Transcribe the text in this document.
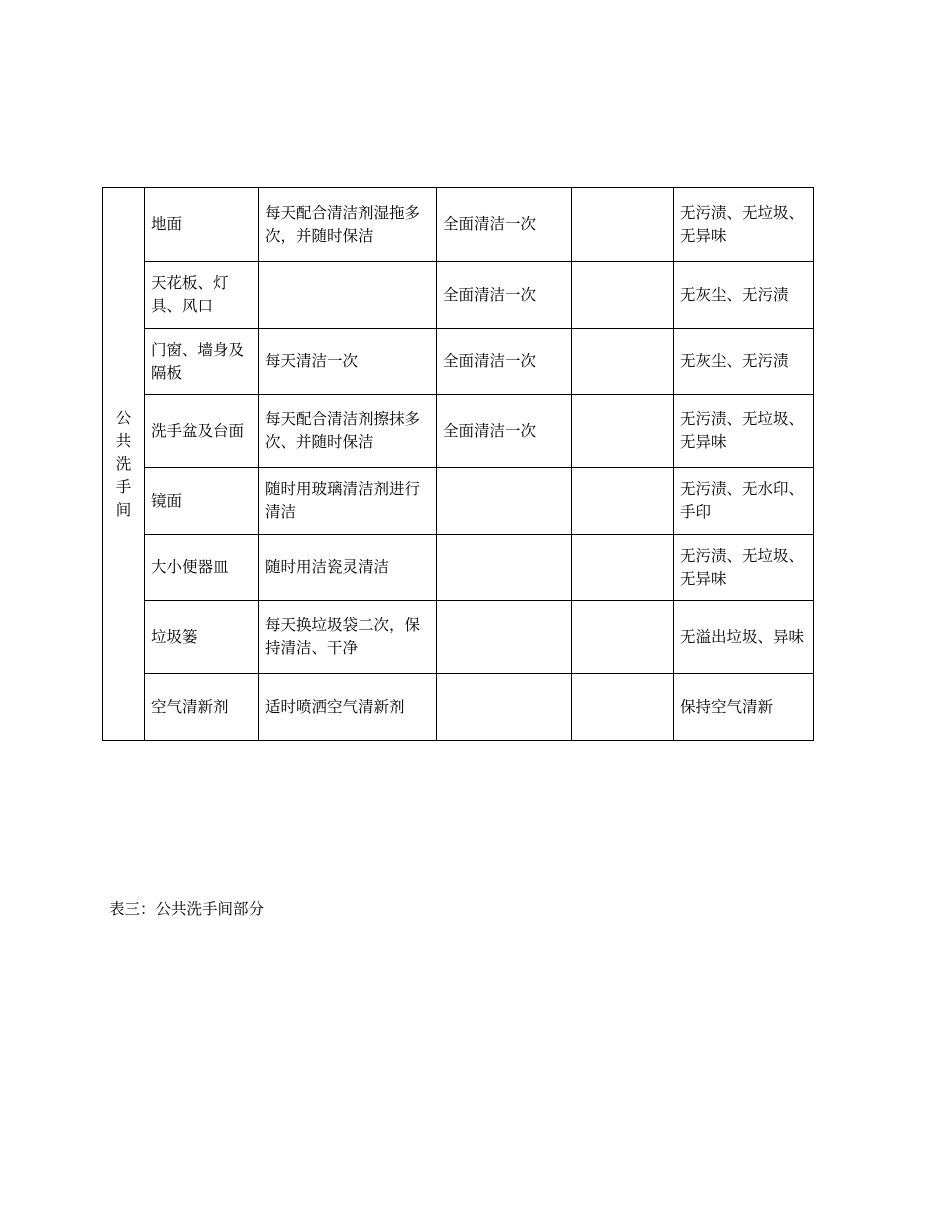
公共洗手间	地面	每天配合清洁剂湿拖多次，并随时保洁	全面清洁一次		无污渍、无垃圾、无异味
	天花板、灯具、风口		全面清洁一次		无灰尘、无污渍
	门窗、墙身及隔板	每天清洁一次	全面清洁一次		无灰尘、无污渍
	洗手盆及台面	每天配合清洁剂擦抹多次、并随时保洁	全面清洁一次		无污渍、无垃圾、无异味
	镜面	随时用玻璃清洁剂进行清洁			无污渍、无水印、手印
	大小便器皿	随时用洁瓷灵清洁			无污渍、无垃圾、无异味
	垃圾篓	每天换垃圾袋二次，保持清洁、干净			无溢出垃圾、异味
	空气清新剂	适时喷洒空气清新剂			保持空气清新
表三：公共洗手间部分
